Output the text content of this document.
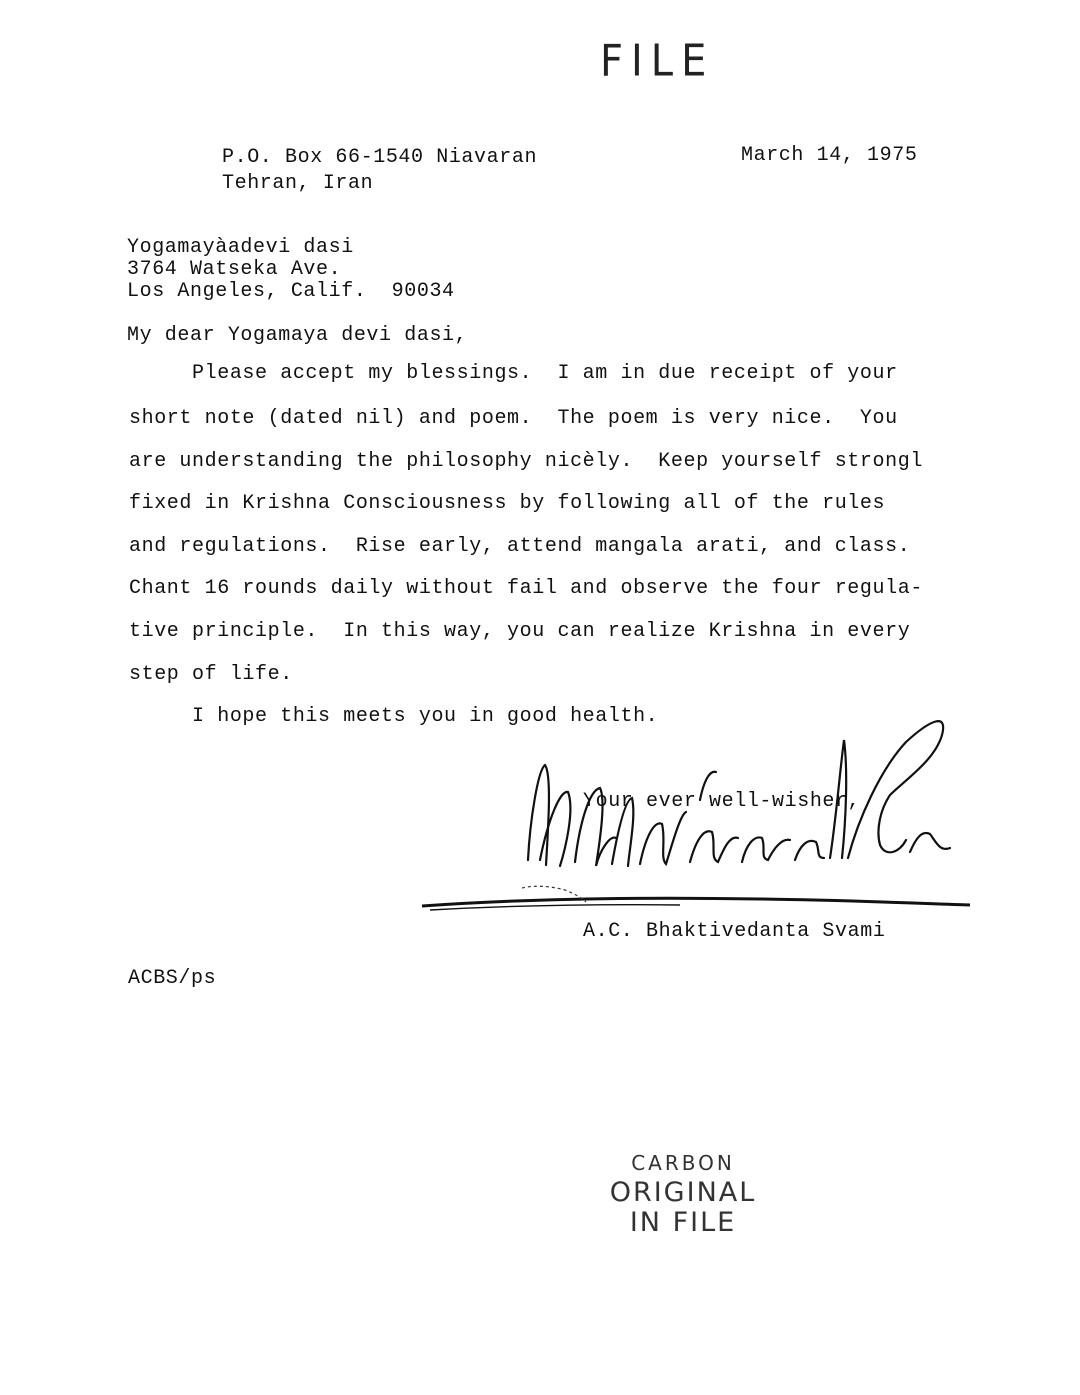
FILE
P.O. Box 66-1540 Niavaran
Tehran, Iran
March 14, 1975
Yogamayàadevi dasi
3764 Watseka Ave.
Los Angeles, Calif.  90034
My dear Yogamaya devi dasi,
Please accept my blessings.  I am in due receipt of your
short note (dated nil) and poem.  The poem is very nice.  You
are understanding the philosophy nicèly.  Keep yourself strongl
fixed in Krishna Consciousness by following all of the rules
and regulations.  Rise early, attend mangala arati, and class.
Chant 16 rounds daily without fail and observe the four regula-
tive principle.  In this way, you can realize Krishna in every
step of life.
I hope this meets you in good health.
Your ever well-wisher,
A.C. Bhaktivedanta Svami
ACBS/ps
CARBON
ORIGINAL
IN FILE
